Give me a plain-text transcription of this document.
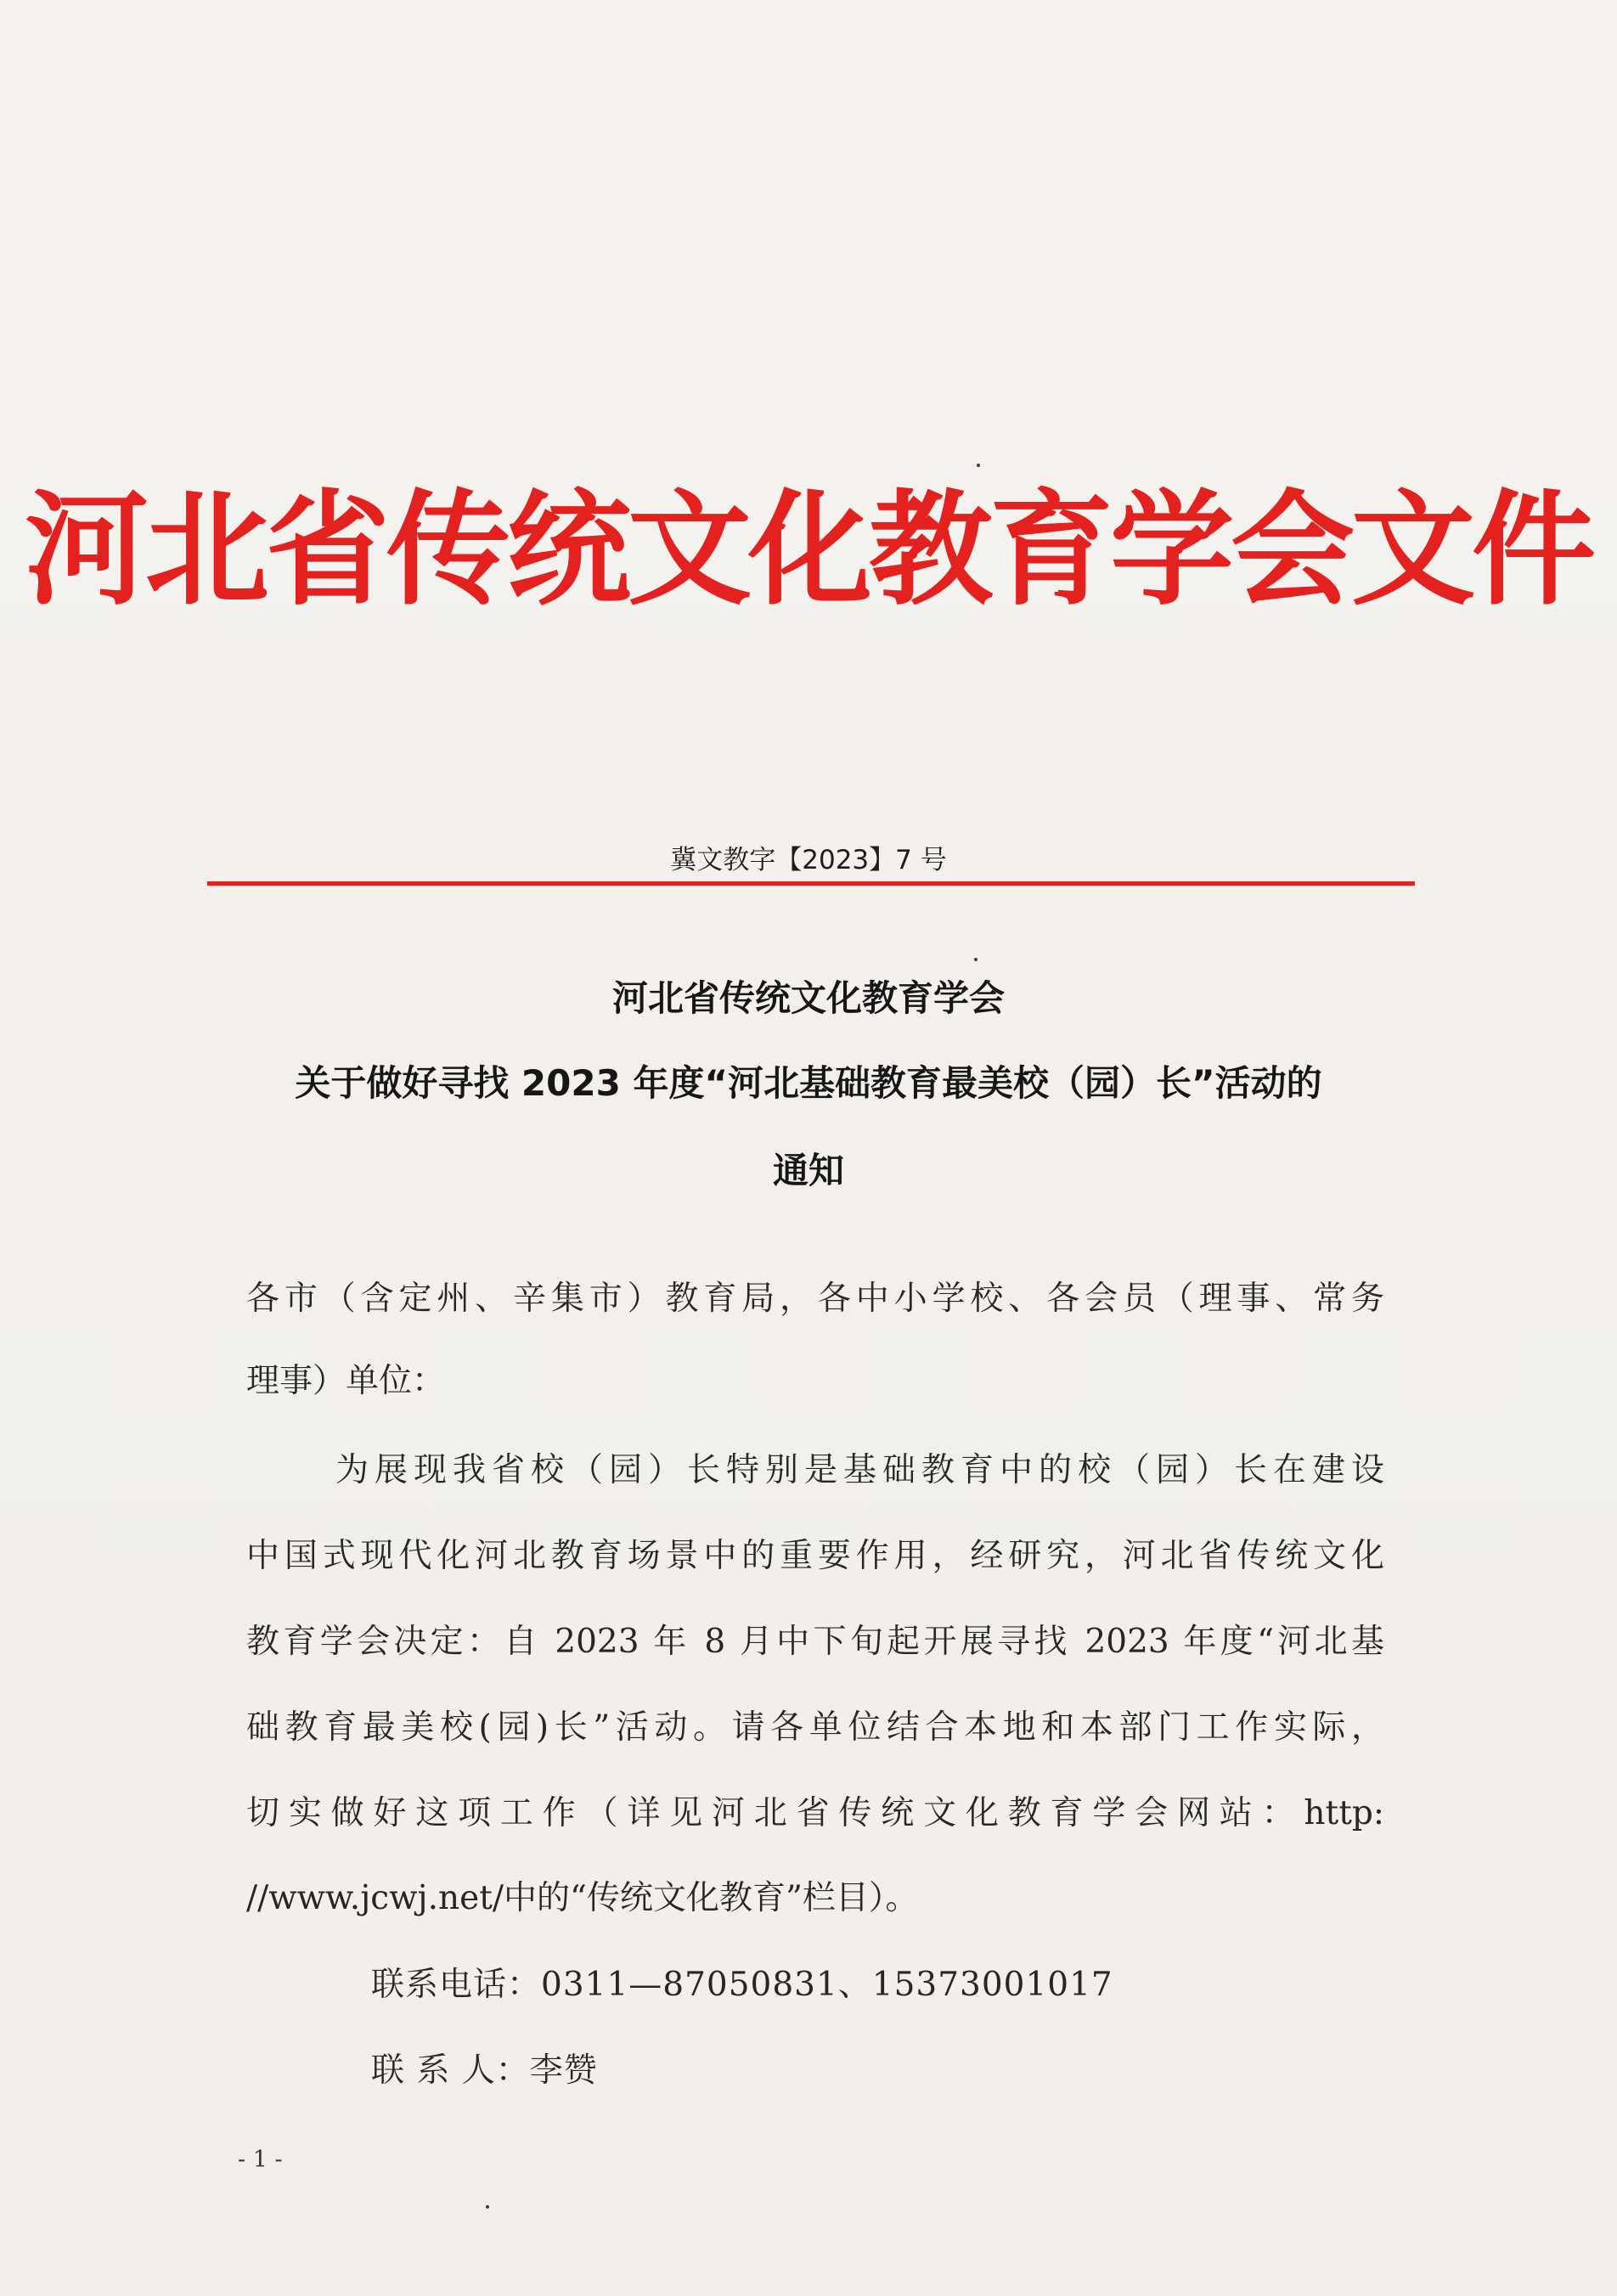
河北省传统文化教育学会文件
冀文教字【2023】7 号
河北省传统文化教育学会
关于做好寻找 2023 年度“河北基础教育最美校（园）长”活动的
通知
各市（含定州、辛集市）教育局，各中小学校、各会员（理事、常务
理事）单位：
为展现我省校（园）长特别是基础教育中的校（园）长在建设
中国式现代化河北教育场景中的重要作用，经研究，河北省传统文化
教育学会决定：自 2023 年 8 月中下旬起开展寻找 2023 年度“河北基
础教育最美校(园)长”活动。请各单位结合本地和本部门工作实际，
切实做好这项工作（详见河北省传统文化教育学会网站：http:
//www.jcwj.net/中的“传统文化教育”栏目）。
联系电话：0311—87050831、15373001017
联 系 人：李赞
- 1 -
